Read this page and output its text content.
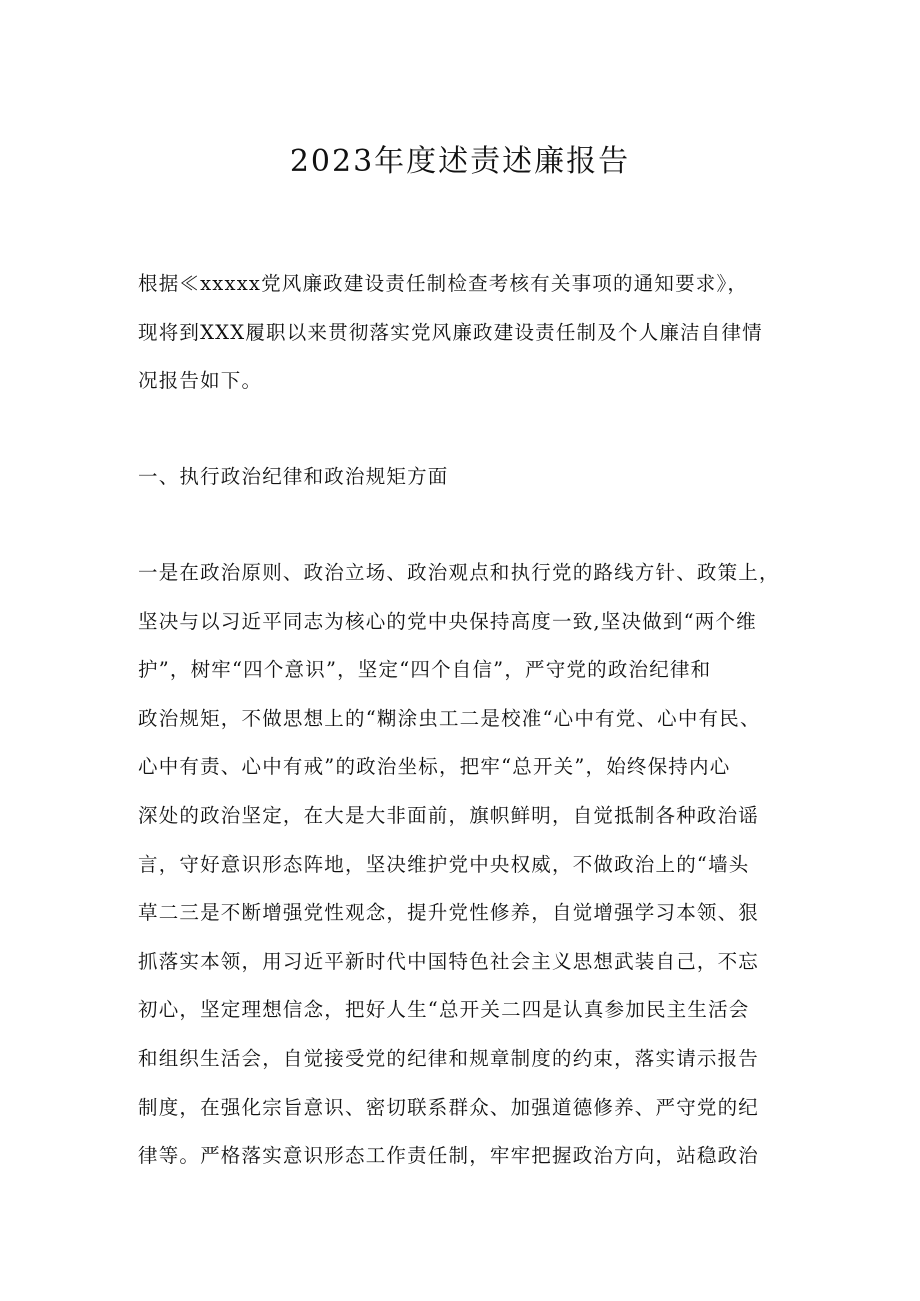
2023年度述责述廉报告
根据≪xxxxx党风廉政建设责任制检查考核有关事项的通知要求》，
现将到XXX履职以来贯彻落实党风廉政建设责任制及个人廉洁自律情
况报告如下。
一、执行政治纪律和政治规矩方面
一是在政治原则、政治立场、政治观点和执行党的路线方针、政策上，
坚决与以习近平同志为核心的党中央保持高度一致,坚决做到“两个维
护”，树牢“四个意识”，坚定“四个自信”，严守党的政治纪律和
政治规矩，不做思想上的“糊涂虫工二是校准“心中有党、心中有民、
心中有责、心中有戒”的政治坐标，把牢“总开关”，始终保持内心
深处的政治坚定，在大是大非面前，旗帜鲜明，自觉抵制各种政治谣
言，守好意识形态阵地，坚决维护党中央权威，不做政治上的“墙头
草二三是不断增强党性观念，提升党性修养，自觉增强学习本领、狠
抓落实本领，用习近平新时代中国特色社会主义思想武装自己，不忘
初心，坚定理想信念，把好人生“总开关二四是认真参加民主生活会
和组织生活会，自觉接受党的纪律和规章制度的约束，落实请示报告
制度，在强化宗旨意识、密切联系群众、加强道德修养、严守党的纪
律等。严格落实意识形态工作责任制，牢牢把握政治方向，站稳政治
